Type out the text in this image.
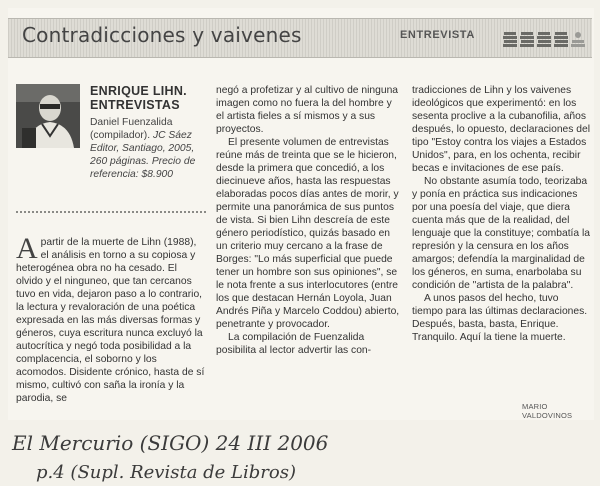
Contradicciones y vaivenes	ENTREVISTA
ENRIQUE LIHN.
ENTREVISTAS
Daniel Fuenzalida
(compilador). JC Sáez
Editor, Santiago, 2005, 260 páginas. Precio de referencia: $8.900

Apartir de la muerte de Lihn (1988), el análisis en torno a su copiosa y heterogénea obra no ha cesado. El olvido y el ninguneo, que tan cercanos tuvo en vida, dejaron paso a lo contrario, la lectura y revaloración de una poética expresada en las más diversas formas y géneros, cuya escritura nunca excluyó la autocrítica y negó toda posibilidad a la complacencia, el soborno y los acomodos. Disidente crónico, hasta de sí mismo, cultivó con saña la ironía y la parodia, se

negó a profetizar y al cultivo de ninguna imagen como no fuera la del hombre y el artista fieles a sí mismos y a sus proyectos.

El presente volumen de entrevistas reúne más de treinta que se le hicieron, desde la primera que concedió, a los diecinueve años, hasta las respuestas elaboradas pocos días antes de morir, y permite una panorámica de sus puntos de vista. Si bien Lihn descreía de este género periodístico, quizás basado en un criterio muy cercano a la frase de Borges: "Lo más superficial que puede tener un hombre son sus opiniones", se le nota frente a sus interlocutores (entre los que destacan Hernán Loyola, Juan Andrés Piña y Marcelo Coddou) abierto, penetrante y provocador.

La compilación de Fuenzalida posibilita al lector advertir las con-

tradicciones de Lihn y los vaivenes ideológicos que experimentó: en los sesenta proclive a la cubanofilia, años después, lo opuesto, declaraciones del tipo "Estoy contra los viajes a Estados Unidos", para, en los ochenta, recibir becas e invitaciones de ese país.

No obstante asumía todo, teorizaba y ponía en práctica sus indicaciones por una poesía del viaje, que diera cuenta más que de la realidad, del lenguaje que la constituye; combatía la represión y la censura en los años amargos; defendía la marginalidad de los géneros, en suma, enarbolaba su condición de "artista de la palabra".

A unos pasos del hecho, tuvo tiempo para las últimas declaraciones. Después, basta, basta, Enrique. Tranquilo. Aquí la tiene la muerte.

MARIO VALDOVINOS
El Mercurio (SIGO) 24 III 2006
p.4 (Supl. Revista de Libros)
